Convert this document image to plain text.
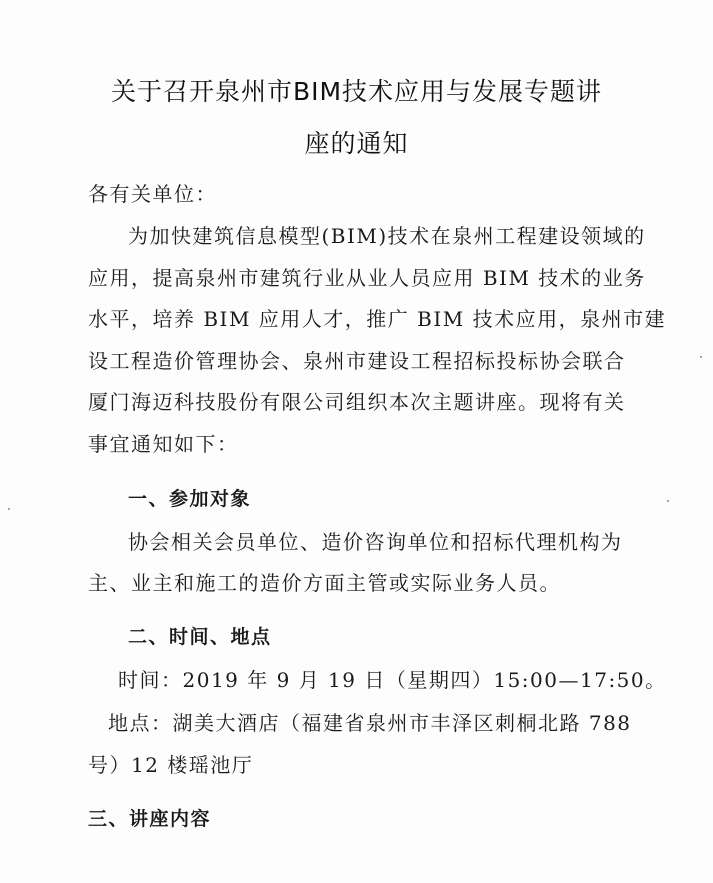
关于召开泉州市BIM技术应用与发展专题讲
座的通知
各有关单位：
为加快建筑信息模型(BIM)技术在泉州工程建设领域的
应用，提高泉州市建筑行业从业人员应用 BIM 技术的业务
水平，培养 BIM 应用人才，推广 BIM 技术应用，泉州市建
设工程造价管理协会、泉州市建设工程招标投标协会联合
厦门海迈科技股份有限公司组织本次主题讲座。现将有关
事宜通知如下：
一、参加对象
协会相关会员单位、造价咨询单位和招标代理机构为
主、业主和施工的造价方面主管或实际业务人员。
二、时间、地点
时间：2019 年 9 月 19 日（星期四）15:00—17:50。
地点：湖美大酒店（福建省泉州市丰泽区刺桐北路 788
号）12 楼瑶池厅
三、讲座内容
